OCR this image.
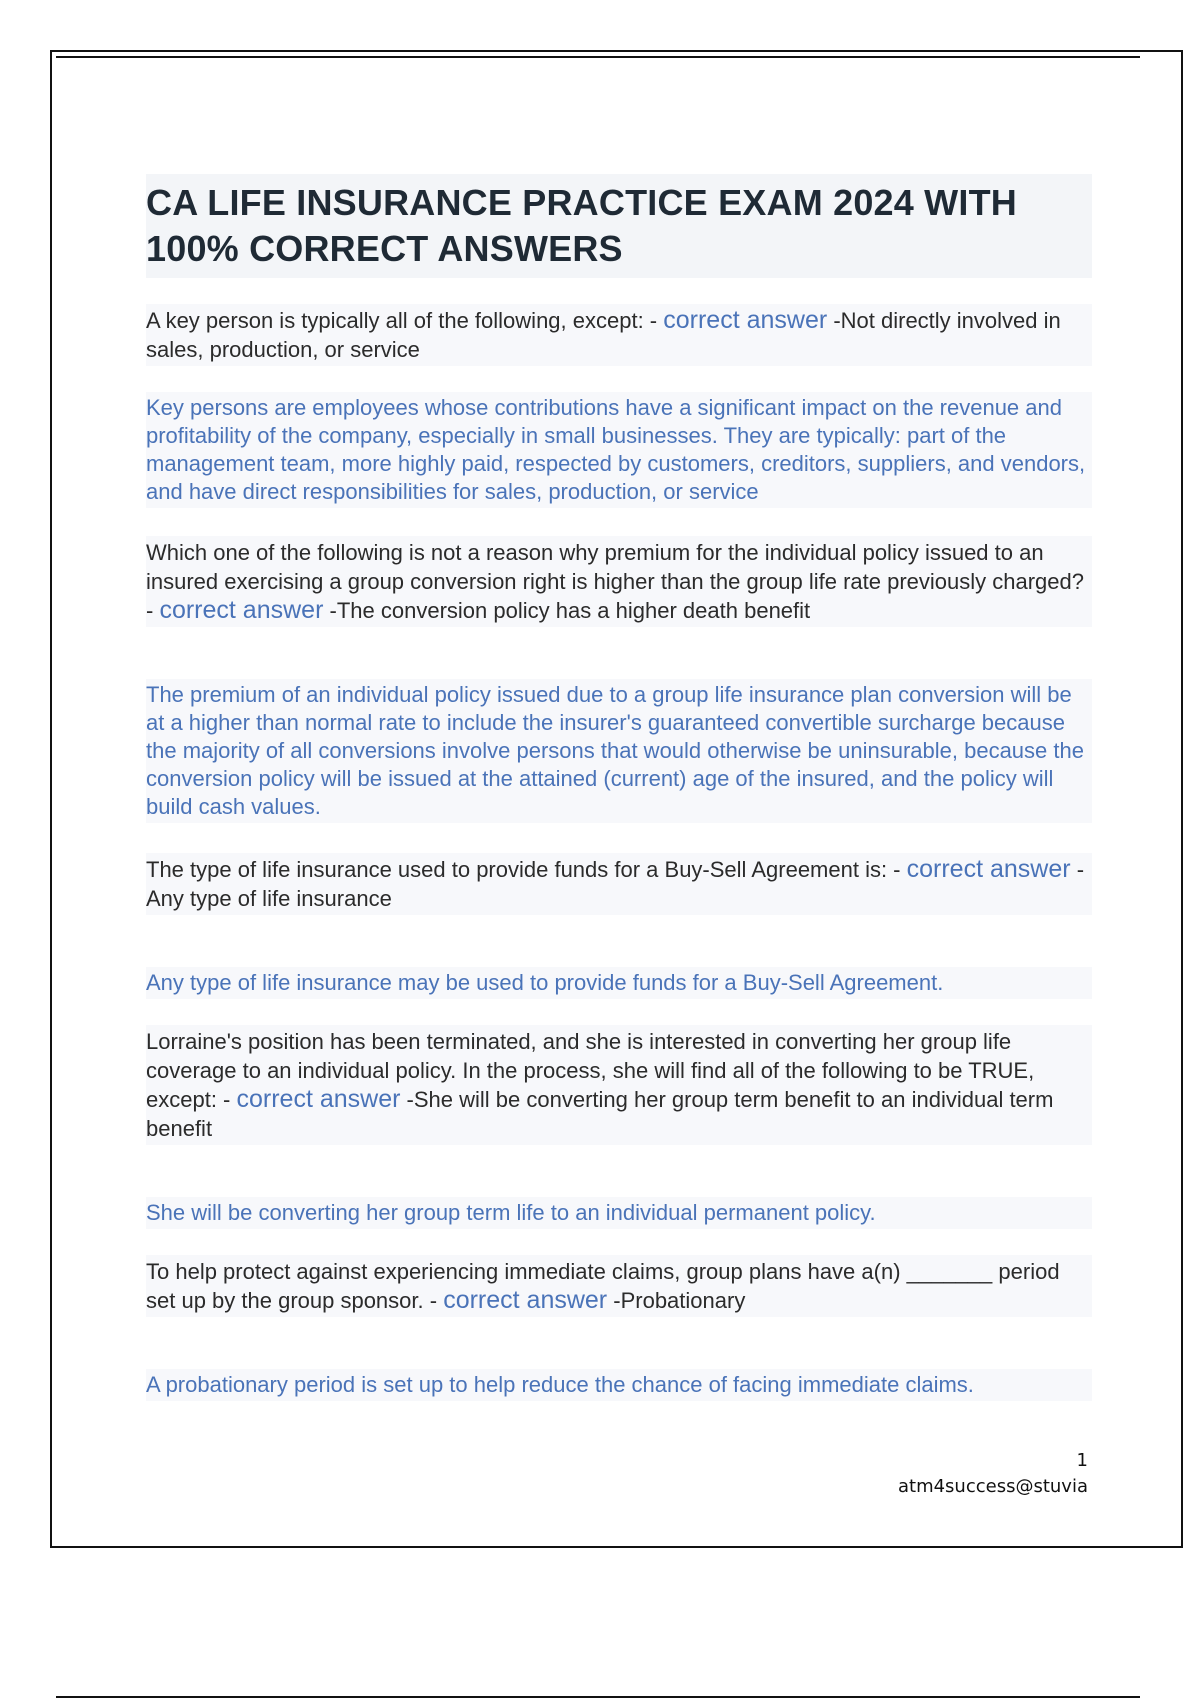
CA LIFE INSURANCE PRACTICE EXAM 2024 WITH 100% CORRECT ANSWERS

A key person is typically all of the following, except: - correct answer -Not directly involved in sales, production, or service

Key persons are employees whose contributions have a significant impact on the revenue and profitability of the company, especially in small businesses. They are typically: part of the management team, more highly paid, respected by customers, creditors, suppliers, and vendors, and have direct responsibilities for sales, production, or service

Which one of the following is not a reason why premium for the individual policy issued to an insured exercising a group conversion right is higher than the group life rate previously charged? - correct answer -The conversion policy has a higher death benefit

The premium of an individual policy issued due to a group life insurance plan conversion will be at a higher than normal rate to include the insurer's guaranteed convertible surcharge because the majority of all conversions involve persons that would otherwise be uninsurable, because the conversion policy will be issued at the attained (current) age of the insured, and the policy will build cash values.

The type of life insurance used to provide funds for a Buy-Sell Agreement is: - correct answer -Any type of life insurance

Any type of life insurance may be used to provide funds for a Buy-Sell Agreement.

Lorraine's position has been terminated, and she is interested in converting her group life coverage to an individual policy. In the process, she will find all of the following to be TRUE, except: - correct answer -She will be converting her group term benefit to an individual term benefit

She will be converting her group term life to an individual permanent policy.

To help protect against experiencing immediate claims, group plans have a(n) _______ period set up by the group sponsor. - correct answer -Probationary

A probationary period is set up to help reduce the chance of facing immediate claims.

1
atm4success@stuvia
